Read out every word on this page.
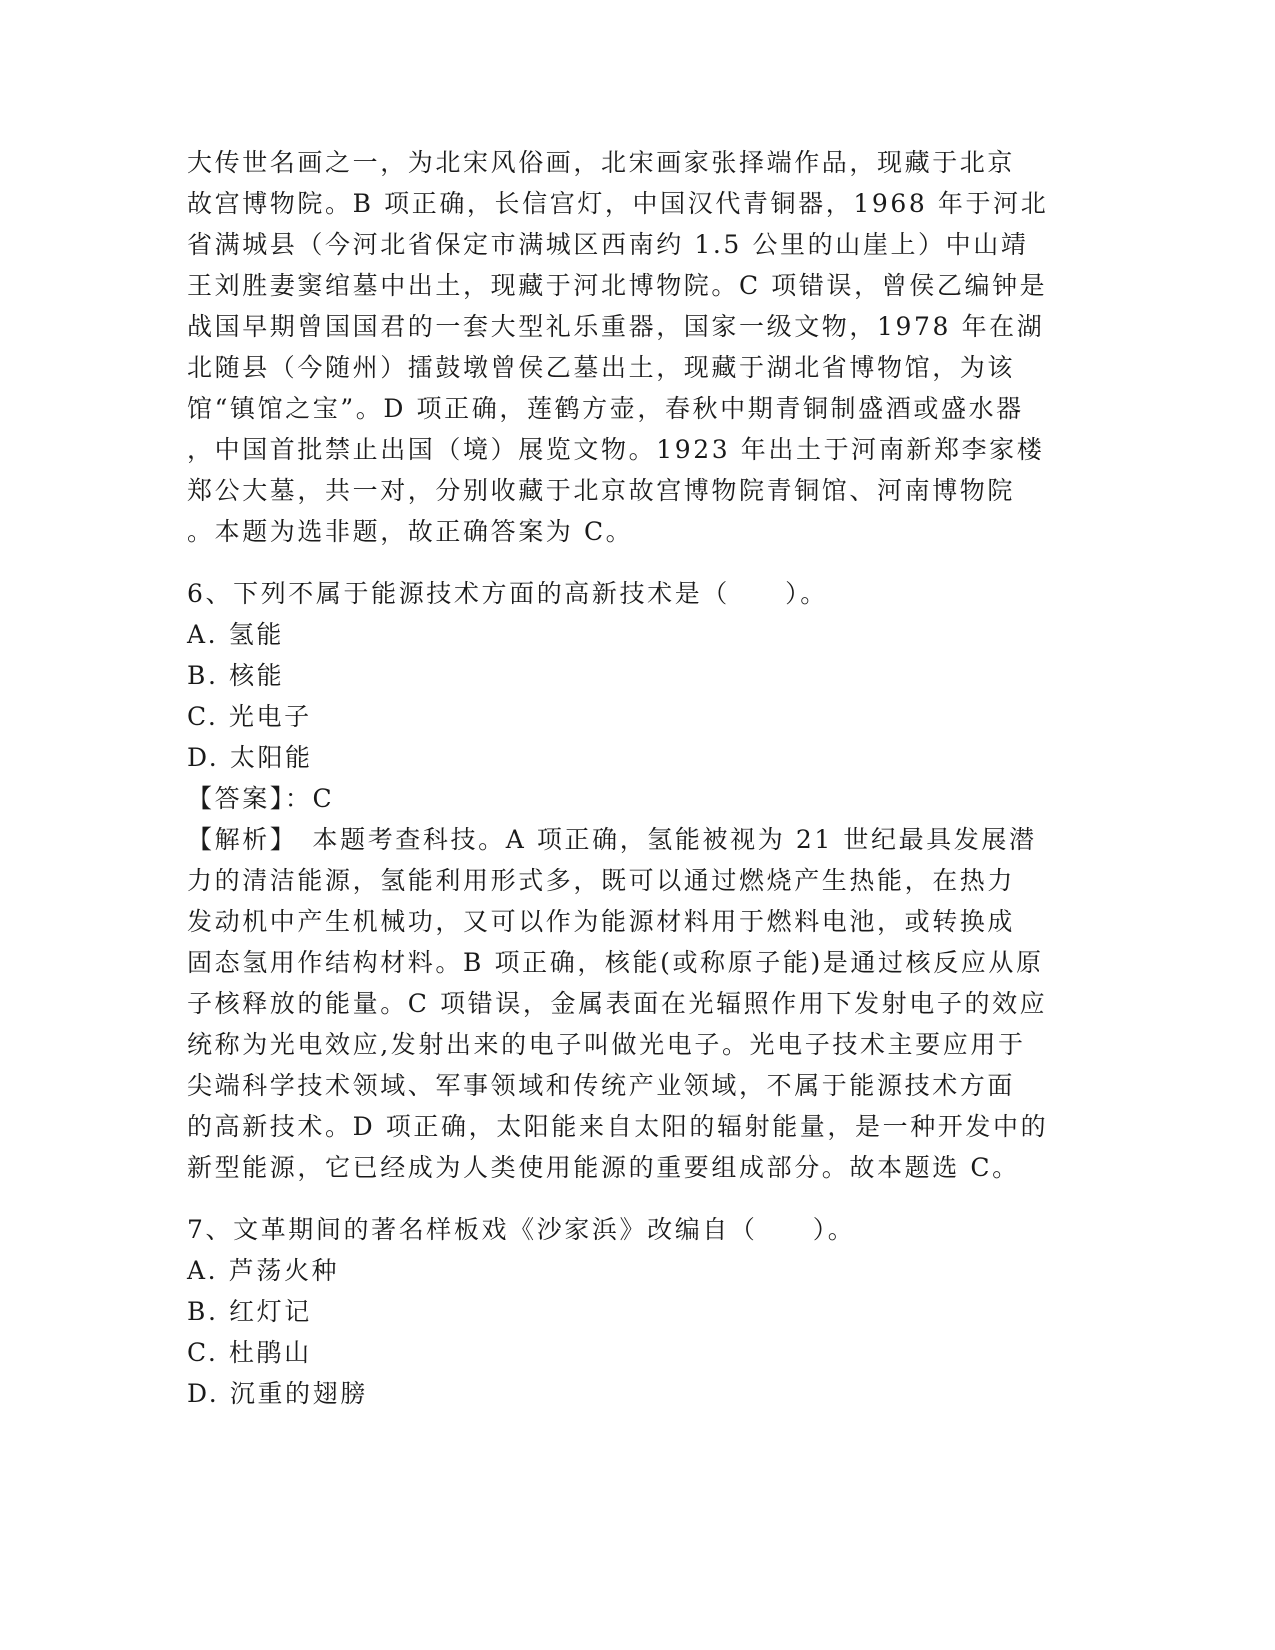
大传世名画之一，为北宋风俗画，北宋画家张择端作品，现藏于北京
故宫博物院。B 项正确，长信宫灯，中国汉代青铜器，1968 年于河北
省满城县（今河北省保定市满城区西南约 1.5 公里的山崖上）中山靖
王刘胜妻窦绾墓中出土，现藏于河北博物院。C 项错误，曾侯乙编钟是
战国早期曾国国君的一套大型礼乐重器，国家一级文物，1978 年在湖
北随县（今随州）擂鼓墩曾侯乙墓出土，现藏于湖北省博物馆，为该
馆“镇馆之宝”。D 项正确，莲鹤方壶，春秋中期青铜制盛酒或盛水器
，中国首批禁止出国（境）展览文物。1923 年出土于河南新郑李家楼
郑公大墓，共一对，分别收藏于北京故宫博物院青铜馆、河南博物院
。本题为选非题，故正确答案为 C。
6、下列不属于能源技术方面的高新技术是（　　）。
A. 氢能
B. 核能
C. 光电子
D. 太阳能
【答案】：C
【解析】　本题考查科技。A 项正确，氢能被视为 21 世纪最具发展潜
力的清洁能源，氢能利用形式多，既可以通过燃烧产生热能，在热力
发动机中产生机械功，又可以作为能源材料用于燃料电池，或转换成
固态氢用作结构材料。B 项正确，核能(或称原子能)是通过核反应从原
子核释放的能量。C 项错误，金属表面在光辐照作用下发射电子的效应
统称为光电效应,发射出来的电子叫做光电子。光电子技术主要应用于
尖端科学技术领域、军事领域和传统产业领域，不属于能源技术方面
的高新技术。D 项正确，太阳能来自太阳的辐射能量，是一种开发中的
新型能源，它已经成为人类使用能源的重要组成部分。故本题选 C。
7、文革期间的著名样板戏《沙家浜》改编自（　　）。
A. 芦荡火种
B. 红灯记
C. 杜鹃山
D. 沉重的翅膀
